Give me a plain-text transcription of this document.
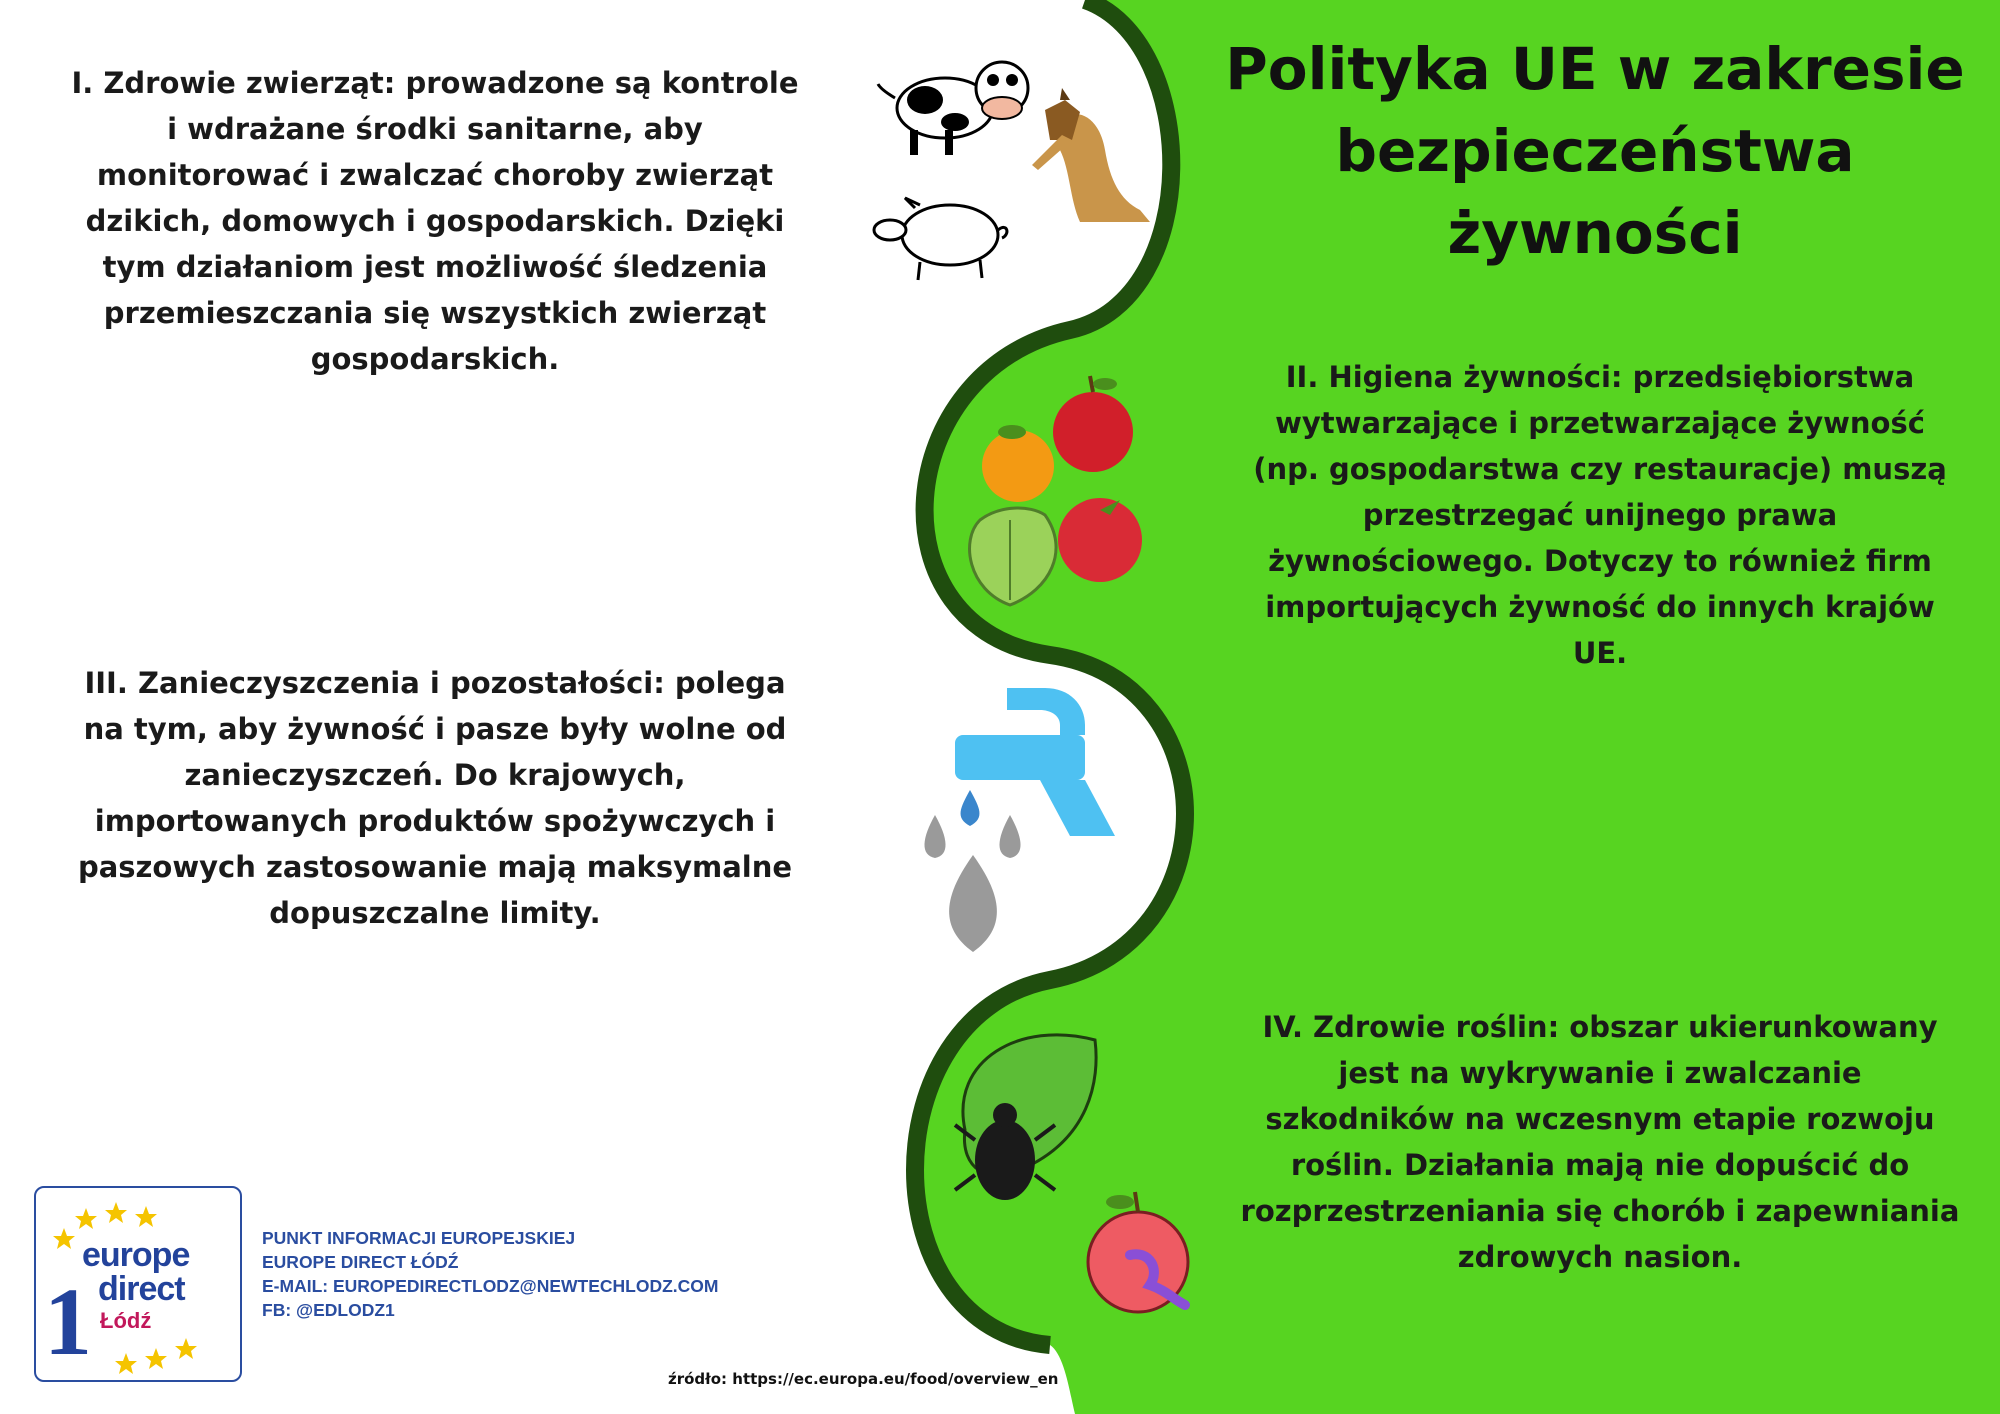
Polityka UE w zakresie bezpieczeństwa żywności
I. Zdrowie zwierząt: prowadzone są kontrole i wdrażane środki sanitarne, aby monitorować i zwalczać choroby zwierząt dzikich, domowych i gospodarskich. Dzięki tym działaniom jest możliwość śledzenia przemieszczania się wszystkich zwierząt gospodarskich.
II. Higiena żywności: przedsiębiorstwa wytwarzające i przetwarzające żywność (np. gospodarstwa czy restauracje) muszą przestrzegać unijnego prawa żywnościowego. Dotyczy to również firm importujących żywność do innych krajów UE.
III. Zanieczyszczenia i pozostałości: polega na tym, aby żywność i pasze były wolne od zanieczyszczeń. Do krajowych, importowanych produktów spożywczych i paszowych zastosowanie mają maksymalne dopuszczalne limity.
IV. Zdrowie roślin: obszar ukierunkowany jest na wykrywanie i zwalczanie szkodników na wczesnym etapie rozwoju roślin. Działania mają nie dopuścić do rozprzestrzeniania się chorób i zapewniania zdrowych nasion.
1
europe
direct
Łódź
PUNKT INFORMACJI EUROPEJSKIEJ
EUROPE DIRECT ŁÓDŹ
E-MAIL: EUROPEDIRECTLODZ@NEWTECHLODZ.COM
FB: @EDLODZ1
źródło: https://ec.europa.eu/food/overview_en
